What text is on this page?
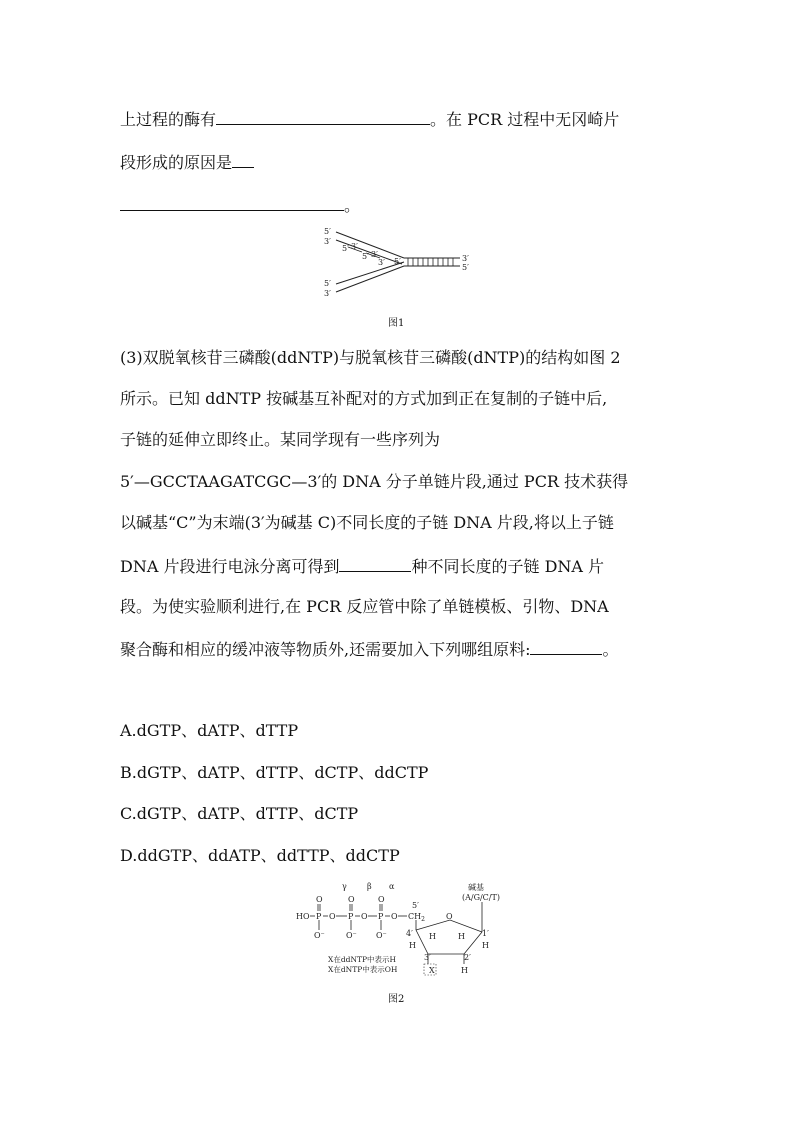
上过程的酶有	。在 PCR 过程中无冈崎片
段形成的原因是
。
5′
3′
5′ 3′
5′ 3′
3′ 5′	3′
5′
5′
3′
图1
(3)双脱氧核苷三磷酸(ddNTP)与脱氧核苷三磷酸(dNTP)的结构如图 2
所示。已知 ddNTP 按碱基互补配对的方式加到正在复制的子链中后,
子链的延伸立即终止。某同学现有一些序列为
5′—GCCTAAGATCGC—3′的 DNA 分子单链片段,通过 PCR 技术获得
以碱基“C”为末端(3′为碱基 C)不同长度的子链 DNA 片段,将以上子链
DNA 片段进行电泳分离可得到	种不同长度的子链 DNA 片
段。为使实验顺利进行,在 PCR 反应管中除了单链模板、引物、DNA
聚合酶和相应的缓冲液等物质外,还需要加入下列哪组原料:	。
A.dGTP、dATP、dTTP
B.dGTP、dATP、dTTP、dCTP、ddCTP
C.dGTP、dATP、dTTP、dCTP
D.ddGTP、ddATP、ddTTP、ddCTP
γ	β α	碱基
(A/G/C/T)
HO P O P O P O
O	O	O
O⁻	O⁻ O⁻
5′
$CH_2$	O
4′	1′
H	H
H	H
3′	2′
X	H
X在ddNTP中表示H
X在dNTP中表示OH
图2
